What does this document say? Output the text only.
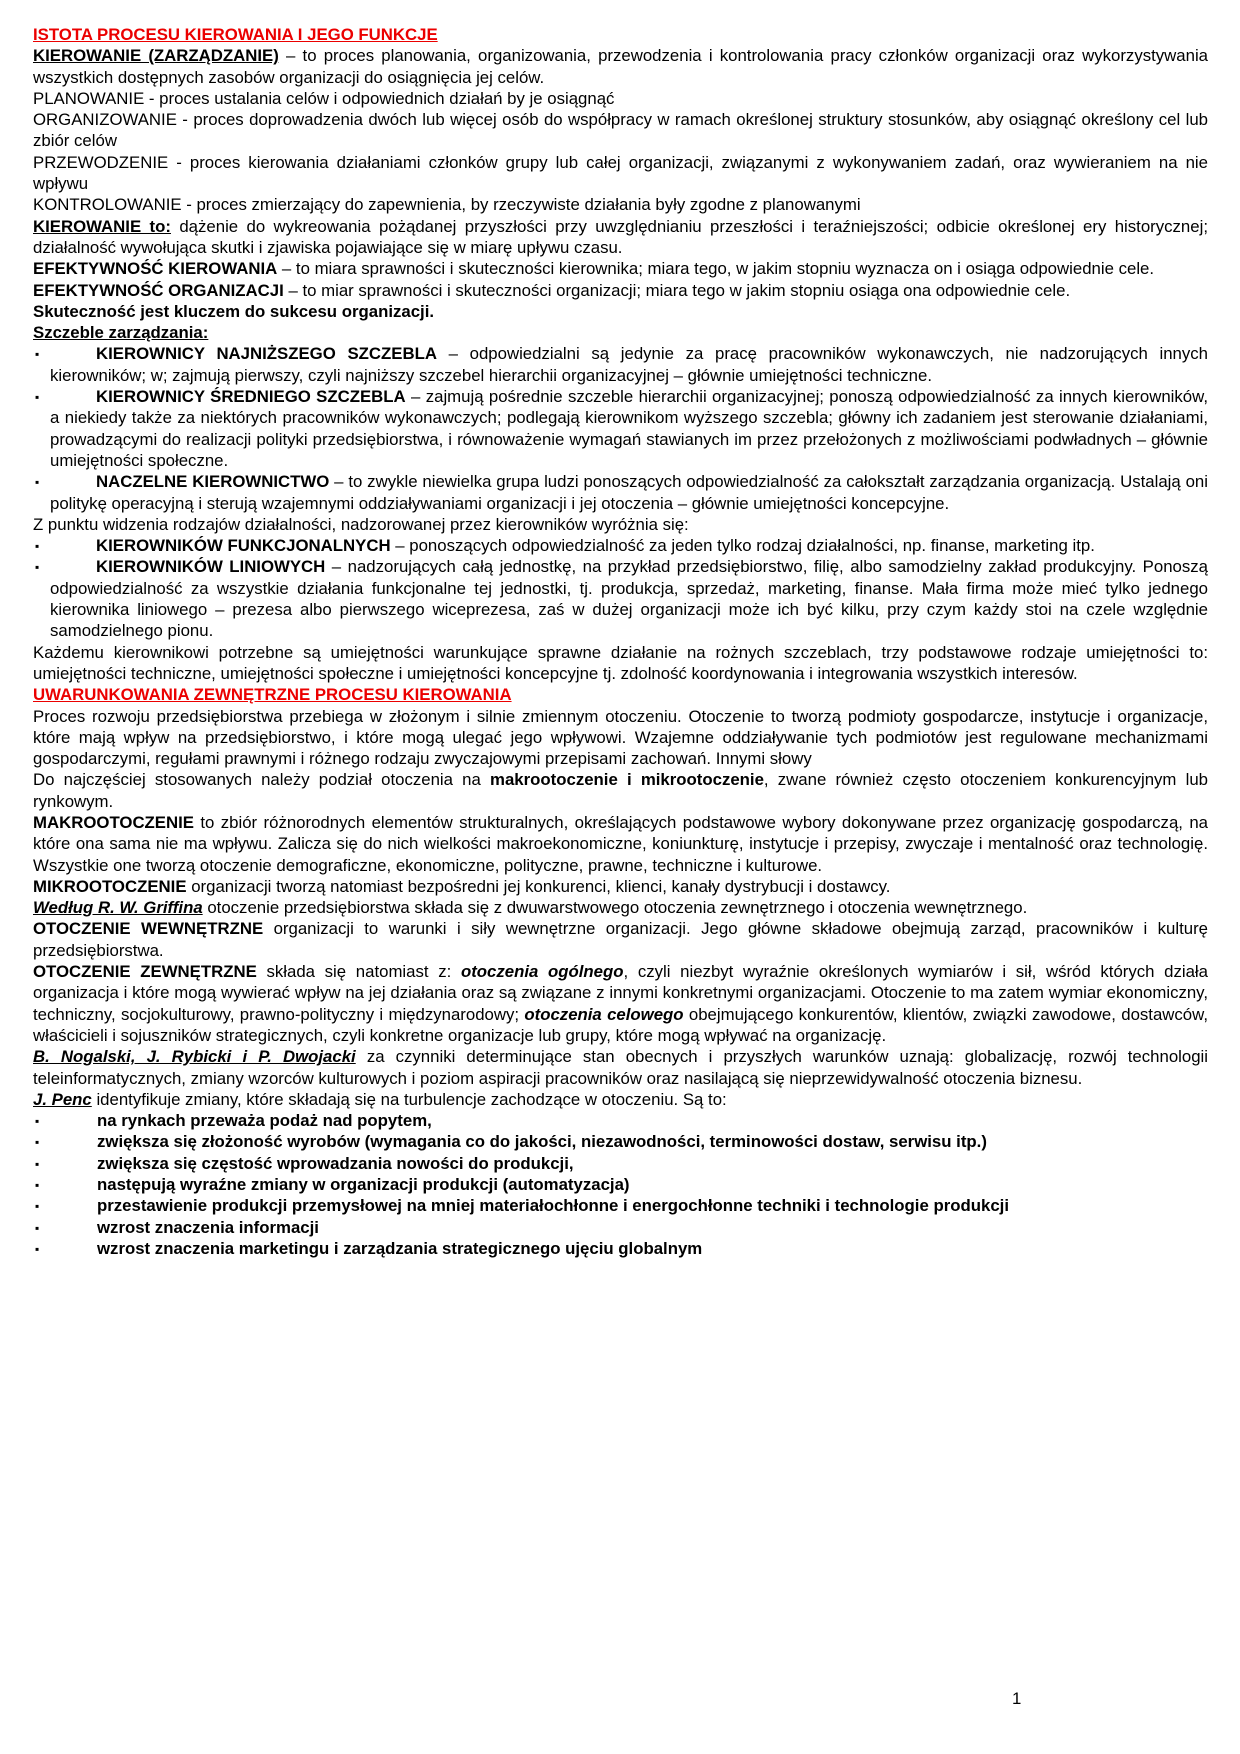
ISTOTA PROCESU KIEROWANIA I JEGO FUNKCJE

KIEROWANIE (ZARZĄDZANIE) – to proces planowania, organizowania, przewodzenia i kontrolowania pracy członków organizacji oraz wykorzystywania wszystkich dostępnych zasobów organizacji do osiągnięcia jej celów.

PLANOWANIE - proces ustalania celów i odpowiednich działań by je osiągnąć

ORGANIZOWANIE - proces doprowadzenia dwóch lub więcej osób do współpracy w ramach określonej struktury stosunków, aby osiągnąć określony cel lub zbiór celów

PRZEWODZENIE - proces kierowania działaniami członków grupy lub całej organizacji, związanymi z wykonywaniem zadań, oraz wywieraniem na nie wpływu

KONTROLOWANIE - proces zmierzający do zapewnienia, by rzeczywiste działania były zgodne z planowanymi

KIEROWANIE to: dążenie do wykreowania pożądanej przyszłości przy uwzględnianiu przeszłości i teraźniejszości; odbicie określonej ery historycznej; działalność wywołująca skutki i zjawiska pojawiające się w miarę upływu czasu.

EFEKTYWNOŚĆ KIEROWANIA – to miara sprawności i skuteczności kierownika; miara tego, w jakim stopniu wyznacza on i osiąga odpowiednie cele.

EFEKTYWNOŚĆ ORGANIZACJI – to miar sprawności i skuteczności organizacji; miara tego w jakim stopniu osiąga ona odpowiednie cele.

Skuteczność jest kluczem do sukcesu organizacji.

Szczeble zarządzania:

▪	KIEROWNICY NAJNIŻSZEGO SZCZEBLA – odpowiedzialni są jedynie za pracę pracowników wykonawczych, nie nadzorujących innych kierowników; w; zajmują pierwszy, czyli najniższy szczebel hierarchii organizacyjnej – głównie umiejętności techniczne.
▪	KIEROWNICY ŚREDNIEGO SZCZEBLA – zajmują pośrednie szczeble hierarchii organizacyjnej; ponoszą odpowiedzialność za innych kierowników, a niekiedy także za niektórych pracowników wykonawczych; podlegają kierownikom wyższego szczebla; główny ich zadaniem jest sterowanie działaniami, prowadzącymi do realizacji polityki przedsiębiorstwa, i równoważenie wymagań stawianych im przez przełożonych z możliwościami podwładnych – głównie umiejętności społeczne.
▪	NACZELNE KIEROWNICTWO – to zwykle niewielka grupa ludzi ponoszących odpowiedzialność za całokształt zarządzania organizacją. Ustalają oni politykę operacyjną i sterują wzajemnymi oddziaływaniami organizacji i jej otoczenia – głównie umiejętności koncepcyjne.

Z punktu widzenia rodzajów działalności, nadzorowanej przez kierowników wyróżnia się:

▪	KIEROWNIKÓW FUNKCJONALNYCH – ponoszących odpowiedzialność za jeden tylko rodzaj działalności, np. finanse, marketing itp.
▪	KIEROWNIKÓW LINIOWYCH – nadzorujących całą jednostkę, na przykład przedsiębiorstwo, filię, albo samodzielny zakład produkcyjny. Ponoszą odpowiedzialność za wszystkie działania funkcjonalne tej jednostki, tj. produkcja, sprzedaż, marketing, finanse. Mała firma może mieć tylko jednego kierownika liniowego – prezesa albo pierwszego wiceprezesa, zaś w dużej organizacji może ich być kilku, przy czym każdy stoi na czele względnie samodzielnego pionu.

Każdemu kierownikowi potrzebne są umiejętności warunkujące sprawne działanie na rożnych szczeblach, trzy podstawowe rodzaje umiejętności to: umiejętności techniczne, umiejętności społeczne i umiejętności koncepcyjne tj. zdolność koordynowania i integrowania wszystkich interesów.

UWARUNKOWANIA ZEWNĘTRZNE PROCESU KIEROWANIA

Proces rozwoju przedsiębiorstwa przebiega w złożonym i silnie zmiennym otoczeniu. Otoczenie to tworzą podmioty gospodarcze, instytucje i organizacje, które mają wpływ na przedsiębiorstwo, i które mogą ulegać jego wpływowi. Wzajemne oddziaływanie tych podmiotów jest regulowane mechanizmami gospodarczymi, regułami prawnymi i różnego rodzaju zwyczajowymi przepisami zachowań. Innymi słowy

Do najczęściej stosowanych należy podział otoczenia na makrootoczenie i mikrootoczenie, zwane również często otoczeniem konkurencyjnym lub rynkowym.

MAKROOTOCZENIE to zbiór różnorodnych elementów strukturalnych, określających podstawowe wybory dokonywane przez organizację gospodarczą, na które ona sama nie ma wpływu. Zalicza się do nich wielkości makroekonomiczne, koniunkturę, instytucje i przepisy, zwyczaje i mentalność oraz technologię. Wszystkie one tworzą otoczenie demograficzne, ekonomiczne, polityczne, prawne, techniczne i kulturowe.

MIKROOTOCZENIE organizacji tworzą natomiast bezpośredni jej konkurenci, klienci, kanały dystrybucji i dostawcy.

Według R. W. Griffina otoczenie przedsiębiorstwa składa się z dwuwarstwowego otoczenia zewnętrznego i otoczenia wewnętrznego.

OTOCZENIE WEWNĘTRZNE organizacji to warunki i siły wewnętrzne organizacji. Jego główne składowe obejmują zarząd, pracowników i kulturę przedsiębiorstwa.

OTOCZENIE ZEWNĘTRZNE składa się natomiast z: otoczenia ogólnego, czyli niezbyt wyraźnie określonych wymiarów i sił, wśród których działa organizacja i które mogą wywierać wpływ na jej działania oraz są związane z innymi konkretnymi organizacjami. Otoczenie to ma zatem wymiar ekonomiczny, techniczny, socjokulturowy, prawno-polityczny i międzynarodowy; otoczenia celowego obejmującego konkurentów, klientów, związki zawodowe, dostawców, właścicieli i sojuszników strategicznych, czyli konkretne organizacje lub grupy, które mogą wpływać na organizację.

B. Nogalski, J. Rybicki i P. Dwojacki za czynniki determinujące stan obecnych i przyszłych warunków uznają: globalizację, rozwój technologii teleinformatycznych, zmiany wzorców kulturowych i poziom aspiracji pracowników oraz nasilającą się nieprzewidywalność otoczenia biznesu.

J. Penc identyfikuje zmiany, które składają się na turbulencje zachodzące w otoczeniu. Są to:

▪	na rynkach przeważa podaż nad popytem,
▪	zwiększa się złożoność wyrobów (wymagania co do jakości, niezawodności, terminowości dostaw, serwisu itp.)
▪	zwiększa się częstość wprowadzania nowości do produkcji,
▪	następują wyraźne zmiany w organizacji produkcji (automatyzacja)
▪	przestawienie produkcji przemysłowej na mniej materiałochłonne i energochłonne techniki i technologie produkcji
▪	wzrost znaczenia informacji
▪	wzrost znaczenia marketingu i zarządzania strategicznego ujęciu globalnym
1
